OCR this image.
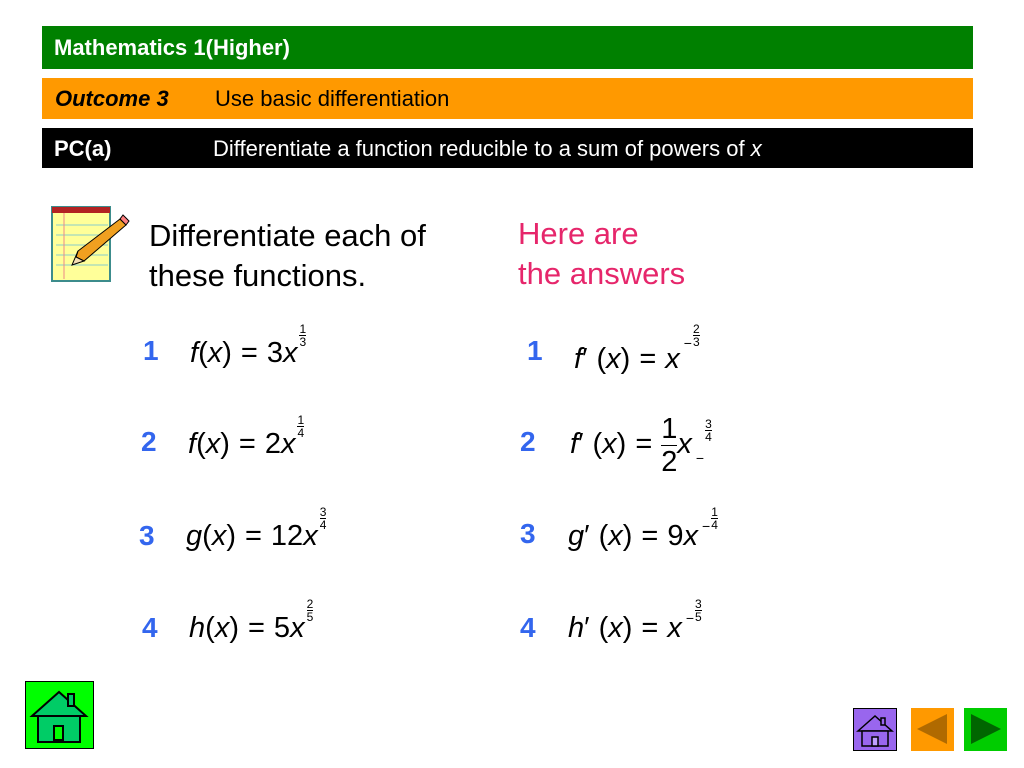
Mathematics 1(Higher)
Outcome 3 Use basic differentiation
PC(a)	Differentiate a function reducible to a sum of powers of x
Differentiate each of
these functions.
Here are
the answers
1 f(x) = 3x
$\frac{1}{3}$
2 f(x) = 2x
$\frac{1}{4}$
3 g(x) = 12x
$\frac{3}{4}$
4 h(x) = 5x
$\frac{2}{5}$
1 f′ $(x) = x - \frac{2}{3}$
2 f′ $(x) = \frac{1}{2}$ x −
$\frac{3}{4}$
3 g′ $(x) = 9x - \frac{1}{4}$
4 h′ $(x) = x - \frac{3}{5}$
